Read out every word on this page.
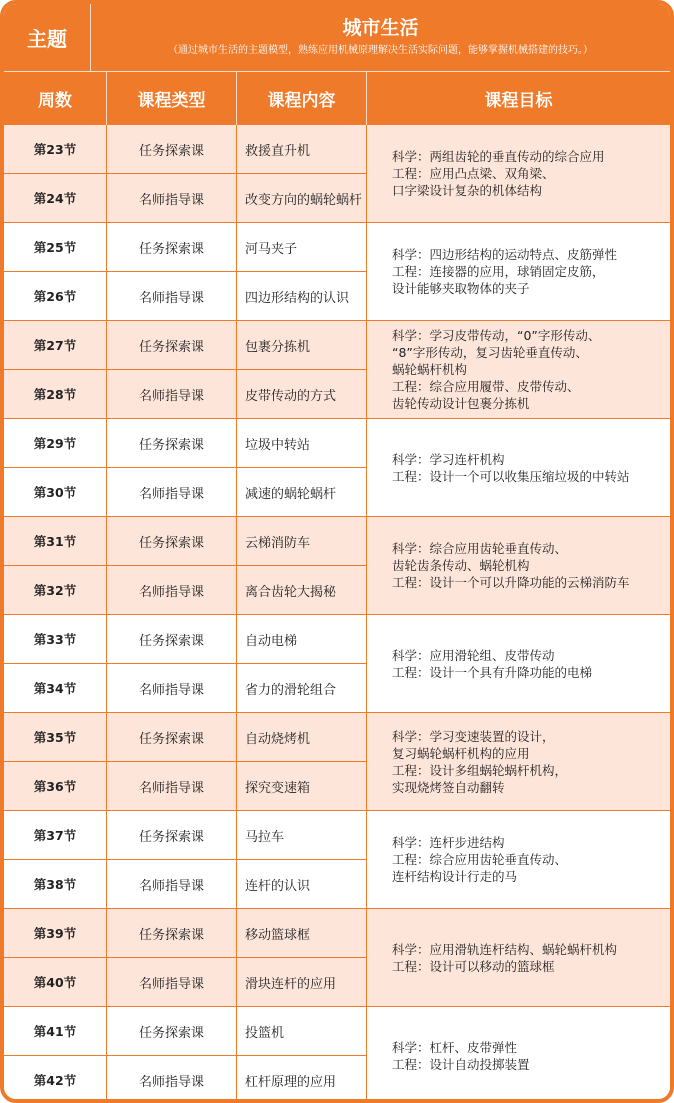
主题	城市生活
（通过城市生活的主题模型，熟练应用机械原理解决生活实际问题，能够掌握机械搭建的技巧。）
周数	课程类型	课程内容	课程目标
第23节	任务探索课	救援直升机
第24节	名师指导课	改变方向的蜗轮蜗杆
科学：两组齿轮的垂直传动的综合应用
工程：应用凸点梁、双角梁、
口字梁设计复杂的机体结构
第25节	任务探索课	河马夹子
第26节	名师指导课	四边形结构的认识
科学：四边形结构的运动特点、皮筋弹性
工程：连接器的应用，球销固定皮筋，
设计能够夹取物体的夹子
第27节	任务探索课	包裹分拣机
第28节	名师指导课	皮带传动的方式
科学：学习皮带传动，“0”字形传动、
“8”字形传动，复习齿轮垂直传动、
蜗轮蜗杆机构
工程：综合应用履带、皮带传动、
齿轮传动设计包裹分拣机
第29节	任务探索课	垃圾中转站
第30节	名师指导课	减速的蜗轮蜗杆
科学：学习连杆机构
工程：设计一个可以收集压缩垃圾的中转站
第31节	任务探索课	云梯消防车
第32节	名师指导课	离合齿轮大揭秘
科学：综合应用齿轮垂直传动、
齿轮齿条传动、蜗轮机构
工程：设计一个可以升降功能的云梯消防车
第33节	任务探索课	自动电梯
第34节	名师指导课	省力的滑轮组合
科学：应用滑轮组、皮带传动
工程：设计一个具有升降功能的电梯
第35节	任务探索课	自动烧烤机
第36节	名师指导课	探究变速箱
科学：学习变速装置的设计，
复习蜗轮蜗杆机构的应用
工程：设计多组蜗轮蜗杆机构，
实现烧烤签自动翻转
第37节	任务探索课	马拉车
第38节	名师指导课	连杆的认识
科学：连杆步进结构
工程：综合应用齿轮垂直传动、
连杆结构设计行走的马
第39节	任务探索课	移动篮球框
第40节	名师指导课	滑块连杆的应用
科学：应用滑轨连杆结构、蜗轮蜗杆机构
工程：设计可以移动的篮球框
第41节	任务探索课	投篮机
第42节	名师指导课	杠杆原理的应用
科学：杠杆、皮带弹性
工程：设计自动投掷装置
